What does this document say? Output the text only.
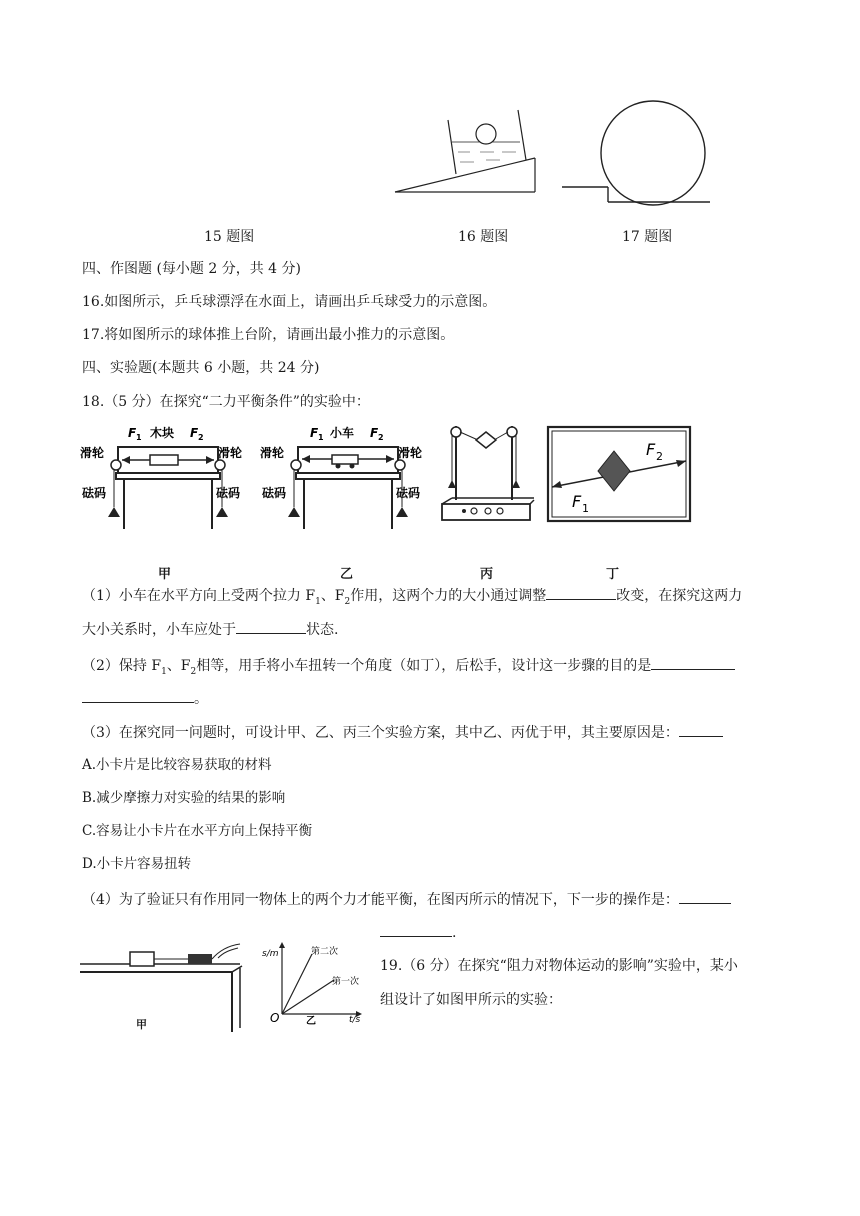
15 题图	16 题图	17 题图
四、作图题 (每小题 2 分，共 4 分)
16.如图所示，乒乓球漂浮在水面上，请画出乒乓球受力的示意图。
17.将如图所示的球体推上台阶，请画出最小推力的示意图。
四、实验题(本题共 6 小题，共 24 分)
18.（5 分）在探究“二力平衡条件”的实验中：
滑轮	滑轮
砝码	砝码
F 1 木块 F 2
滑轮	滑轮
砝码	砝码
F 1 小车 F 2
F 2
F 1
甲	乙	丙	丁
（1）小车在水平方向上受两个拉力 $F_1$、$F_2$作用，这两个力的大小通过调整	改变，在探究这两力
大小关系时，小车应处于	状态.
（2）保持 $F_1$、$F_2$相等，用手将小车扭转一个角度（如丁），后松手，设计这一步骤的目的是
。
（3）在探究同一问题时，可设计甲、乙、丙三个实验方案，其中乙、丙优于甲，其主要原因是：
A.小卡片是比较容易获取的材料
B.减少摩擦力对实验的结果的影响
C.容易让小卡片在水平方向上保持平衡
D.小卡片容易扭转
（4）为了验证只有作用同一物体上的两个力才能平衡，在图丙所示的情况下，下一步的操作是：
.
甲
s/m
O	t/s
乙
第二次
第一次
19.（6 分）在探究“阻力对物体运动的影响”实验中，某小
组设计了如图甲所示的实验：
